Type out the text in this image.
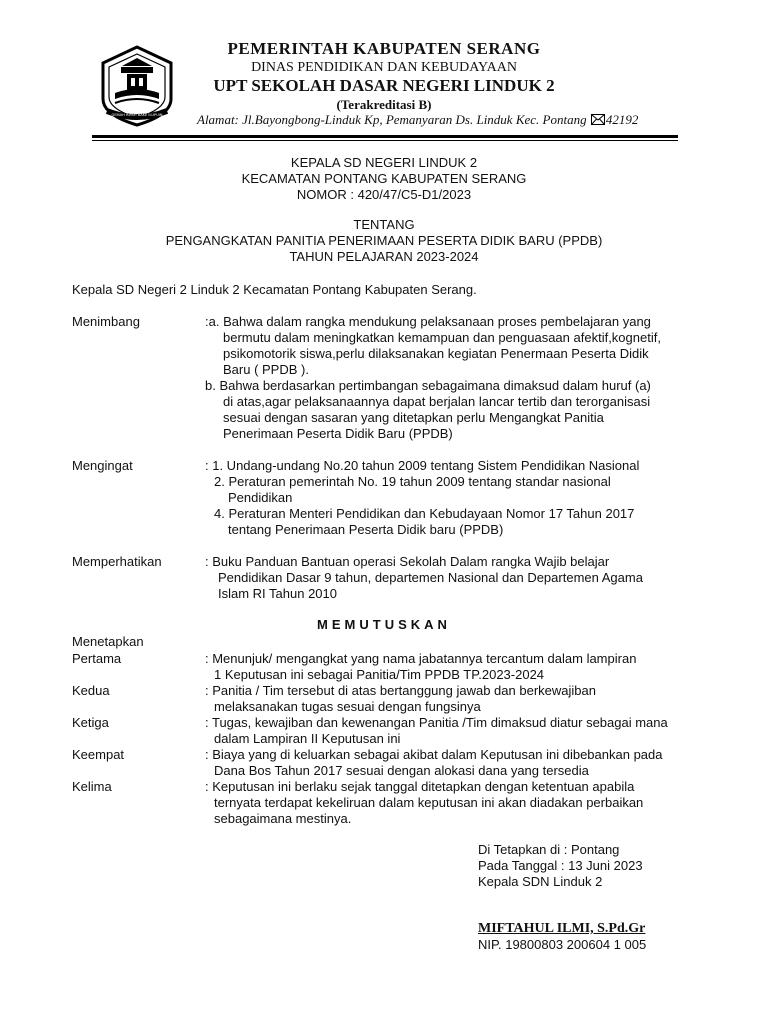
GEMAH RIPAH BAKE ILUPUIN
PEMERINTAH KABUPATEN SERANG
DINAS PENDIDIKAN DAN KEBUDAYAAN
UPT SEKOLAH DASAR NEGERI LINDUK 2
(Terakreditasi B)
Alamat: Jl.Bayongbong-Linduk Kp, Pemanyaran Ds. Linduk Kec. Pontang 42192
KEPALA SD NEGERI LINDUK 2
KECAMATAN PONTANG KABUPATEN SERANG
NOMOR : 420/47/C5-D1/2023
TENTANG
PENGANGKATAN PANITIA PENERIMAAN PESERTA DIDIK BARU (PPDB)
TAHUN PELAJARAN 2023-2024
Kepala SD Negeri 2 Linduk 2 Kecamatan Pontang Kabupaten Serang.
Menimbang	:a. Bahwa dalam rangka mendukung pelaksanaan proses pembelajaran yang
bermutu dalam meningkatkan kemampuan dan penguasaan afektif,kognetif,
psikomotorik siswa,perlu dilaksanakan kegiatan Penermaan Peserta Didik
Baru ( PPDB ).
b. Bahwa berdasarkan pertimbangan sebagaimana dimaksud dalam huruf (a)
di atas,agar pelaksanaannya dapat berjalan lancar tertib dan terorganisasi
sesuai dengan sasaran yang ditetapkan perlu Mengangkat Panitia
Penerimaan Peserta Didik Baru (PPDB)
Mengingat	: 1. Undang-undang No.20 tahun 2009 tentang Sistem Pendidikan Nasional
2. Peraturan pemerintah No. 19 tahun 2009 tentang standar nasional
Pendidikan
4. Peraturan Menteri Pendidikan dan Kebudayaan Nomor 17 Tahun 2017
tentang Penerimaan Peserta Didik baru (PPDB)
Memperhatikan	: Buku Panduan Bantuan operasi Sekolah Dalam rangka Wajib belajar
Pendidikan Dasar 9 tahun, departemen Nasional dan Departemen Agama
Islam RI Tahun 2010
MEMUTUSKAN
Menetapkan
Pertama	: Menunjuk/ mengangkat yang nama jabatannya tercantum dalam lampiran
1 Keputusan ini sebagai Panitia/Tim PPDB TP.2023-2024
Kedua	: Panitia / Tim tersebut di atas bertanggung jawab dan berkewajiban
melaksanakan tugas sesuai dengan fungsinya
Ketiga	: Tugas, kewajiban dan kewenangan Panitia /Tim dimaksud diatur sebagai mana
dalam Lampiran II Keputusan ini
Keempat	: Biaya yang di keluarkan sebagai akibat dalam Keputusan ini dibebankan pada
Dana Bos Tahun 2017 sesuai dengan alokasi dana yang tersedia
Kelima	: Keputusan ini berlaku sejak tanggal ditetapkan dengan ketentuan apabila
ternyata terdapat kekeliruan dalam keputusan ini akan diadakan perbaikan
sebagaimana mestinya.
Di Tetapkan di : Pontang
Pada Tanggal : 13 Juni 2023
Kepala SDN Linduk 2
MIFTAHUL ILMI, S.Pd.Gr
NIP. 19800803 200604 1 005
